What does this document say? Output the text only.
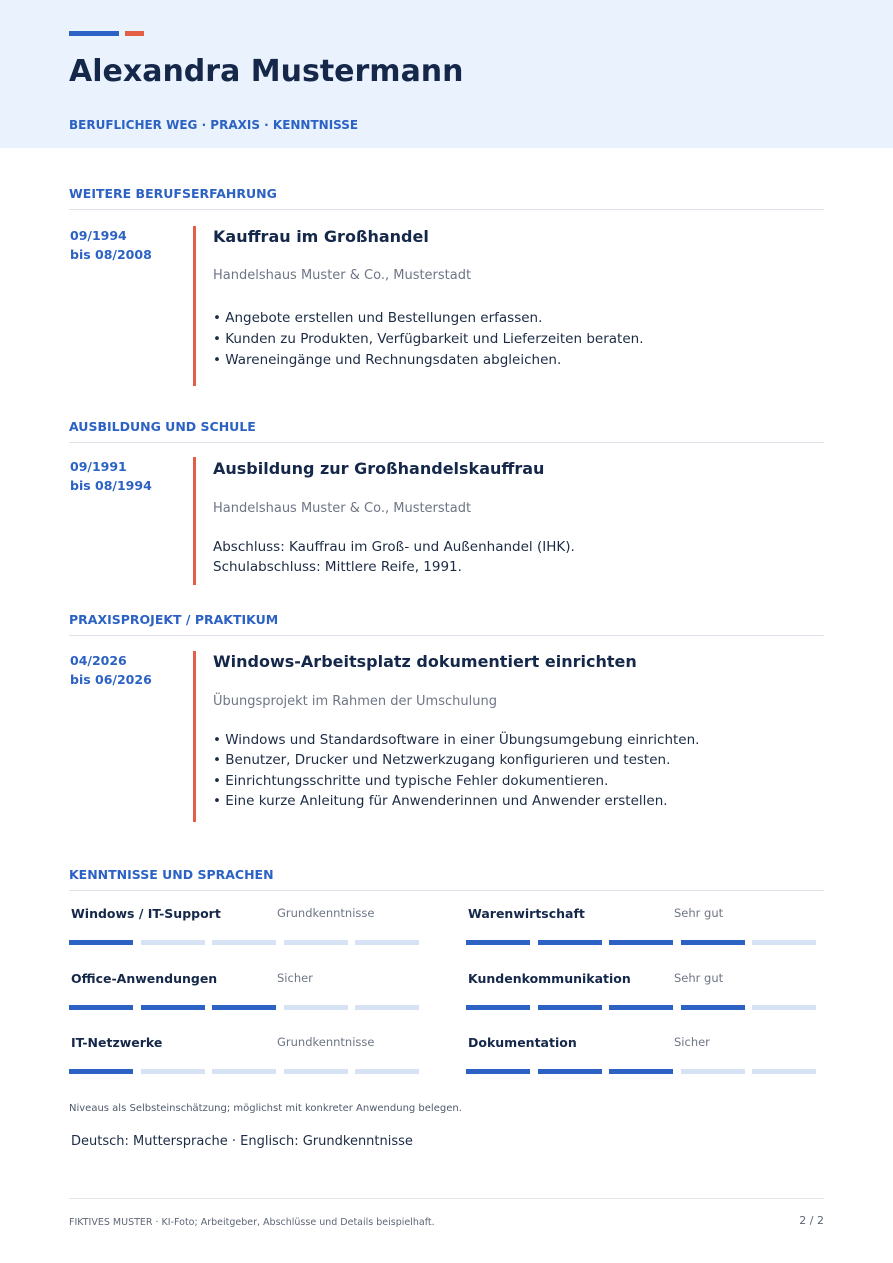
Alexandra Mustermann
BERUFLICHER WEG · PRAXIS · KENNTNISSE
WEITERE BERUFSERFAHRUNG
09/1994
bis 08/2008
Kauffrau im Großhandel
Handelshaus Muster & Co., Musterstadt
• Angebote erstellen und Bestellungen erfassen.
• Kunden zu Produkten, Verfügbarkeit und Lieferzeiten beraten.
• Wareneingänge und Rechnungsdaten abgleichen.
AUSBILDUNG UND SCHULE
09/1991
bis 08/1994
Ausbildung zur Großhandelskauffrau
Handelshaus Muster & Co., Musterstadt
Abschluss: Kauffrau im Groß- und Außenhandel (IHK).
Schulabschluss: Mittlere Reife, 1991.
PRAXISPROJEKT / PRAKTIKUM
04/2026
bis 06/2026
Windows-Arbeitsplatz dokumentiert einrichten
Übungsprojekt im Rahmen der Umschulung
• Windows und Standardsoftware in einer Übungsumgebung einrichten.
• Benutzer, Drucker und Netzwerkzugang konfigurieren und testen.
• Einrichtungsschritte und typische Fehler dokumentieren.
• Eine kurze Anleitung für Anwenderinnen und Anwender erstellen.
KENNTNISSE UND SPRACHEN
Windows / IT-Support	Grundkenntnisse	Warenwirtschaft	Sehr gut
Office-Anwendungen	Sicher	Kundenkommunikation	Sehr gut
IT-Netzwerke	Grundkenntnisse	Dokumentation	Sicher
Niveaus als Selbsteinschätzung; möglichst mit konkreter Anwendung belegen.
Deutsch: Muttersprache · Englisch: Grundkenntnisse
FIKTIVES MUSTER · KI-Foto; Arbeitgeber, Abschlüsse und Details beispielhaft.	2 / 2
